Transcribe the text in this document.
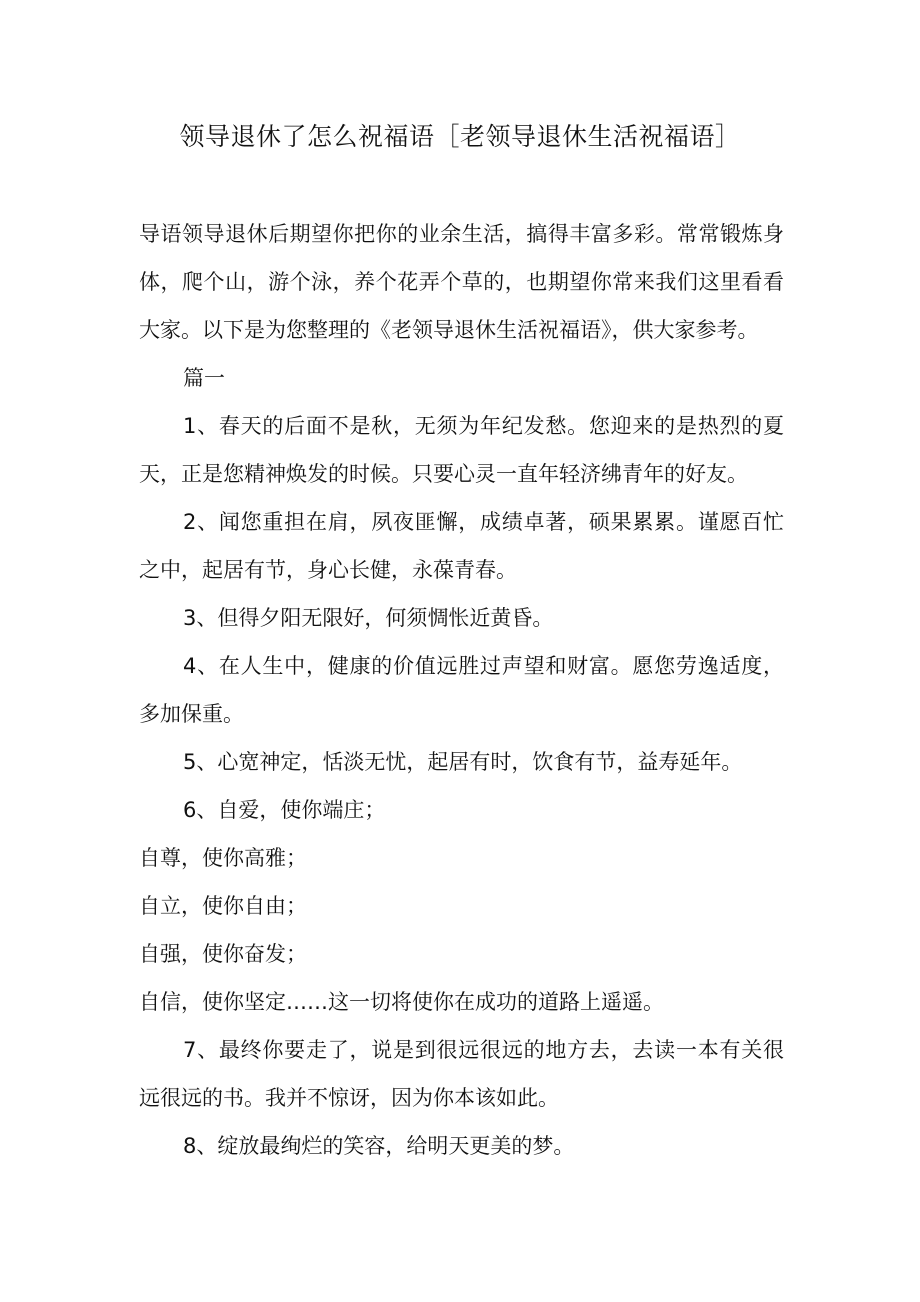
领导退休了怎么祝福语［老领导退休生活祝福语］

导语领导退休后期望你把你的业余生活，搞得丰富多彩。常常锻炼身体，爬个山，游个泳，养个花弄个草的，也期望你常来我们这里看看大家。以下是为您整理的《老领导退休生活祝福语》，供大家参考。

篇一

1、春天的后面不是秋，无须为年纪发愁。您迎来的是热烈的夏天，正是您精神焕发的时候。只要心灵一直年轻济绋青年的好友。

2、闻您重担在肩，夙夜匪懈，成绩卓著，硕果累累。谨愿百忙之中，起居有节，身心长健，永葆青春。

3、但得夕阳无限好，何须惆怅近黄昏。

4、在人生中，健康的价值远胜过声望和财富。愿您劳逸适度，多加保重。

5、心宽神定，恬淡无忧，起居有时，饮食有节，益寿延年。

6、自爱，使你端庄；

自尊，使你高雅；

自立，使你自由；

自强，使你奋发；

自信，使你坚定……这一切将使你在成功的道路上遥遥。

7、最终你要走了，说是到很远很远的地方去，去读一本有关很远很远的书。我并不惊讶，因为你本该如此。

8、绽放最绚烂的笑容，给明天更美的梦。
